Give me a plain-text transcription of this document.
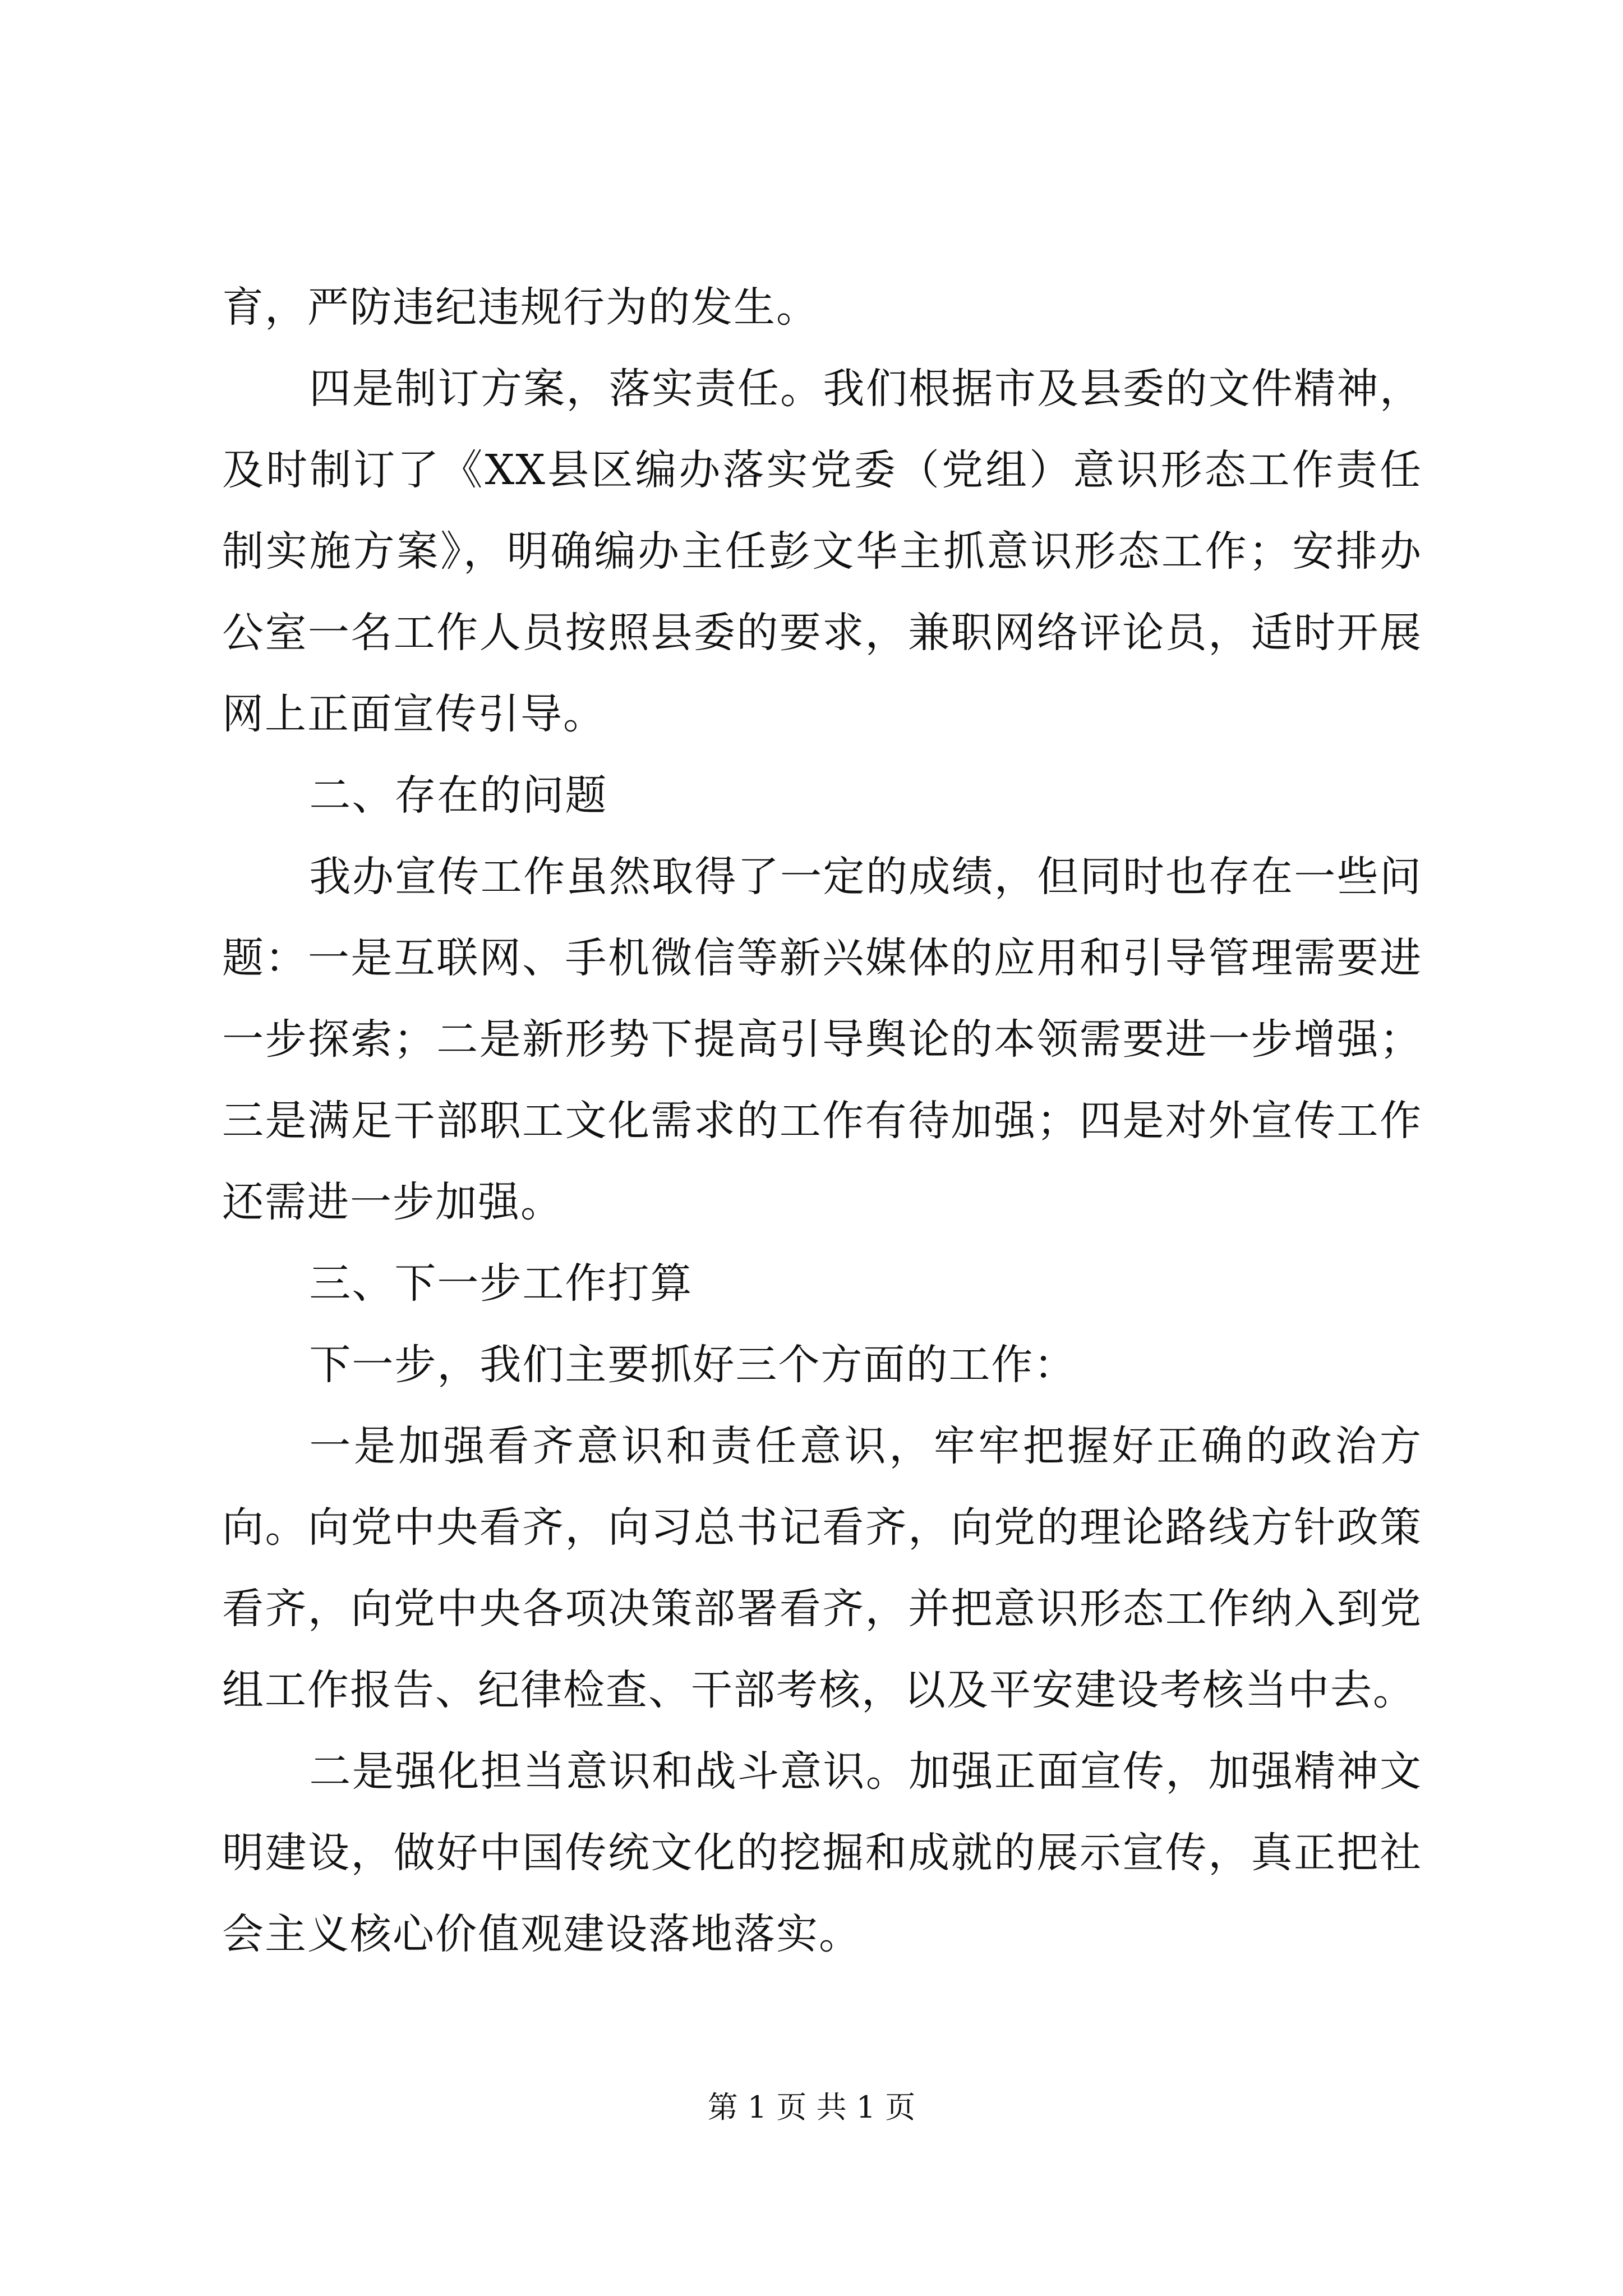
育，严防违纪违规行为的发生。

四是制订方案，落实责任。我们根据市及县委的文件精神，及时制订了《XX县区编办落实党委（党组）意识形态工作责任制实施方案》，明确编办主任彭文华主抓意识形态工作；安排办公室一名工作人员按照县委的要求，兼职网络评论员，适时开展网上正面宣传引导。

二、存在的问题

我办宣传工作虽然取得了一定的成绩，但同时也存在一些问题：一是互联网、手机微信等新兴媒体的应用和引导管理需要进一步探索；二是新形势下提高引导舆论的本领需要进一步增强；三是满足干部职工文化需求的工作有待加强；四是对外宣传工作还需进一步加强。

三、下一步工作打算

下一步，我们主要抓好三个方面的工作：

一是加强看齐意识和责任意识，牢牢把握好正确的政治方向。向党中央看齐，向习总书记看齐，向党的理论路线方针政策看齐，向党中央各项决策部署看齐，并把意识形态工作纳入到党组工作报告、纪律检查、干部考核，以及平安建设考核当中去。

二是强化担当意识和战斗意识。加强正面宣传，加强精神文明建设，做好中国传统文化的挖掘和成就的展示宣传，真正把社会主义核心价值观建设落地落实。

第 1 页 共 1 页
